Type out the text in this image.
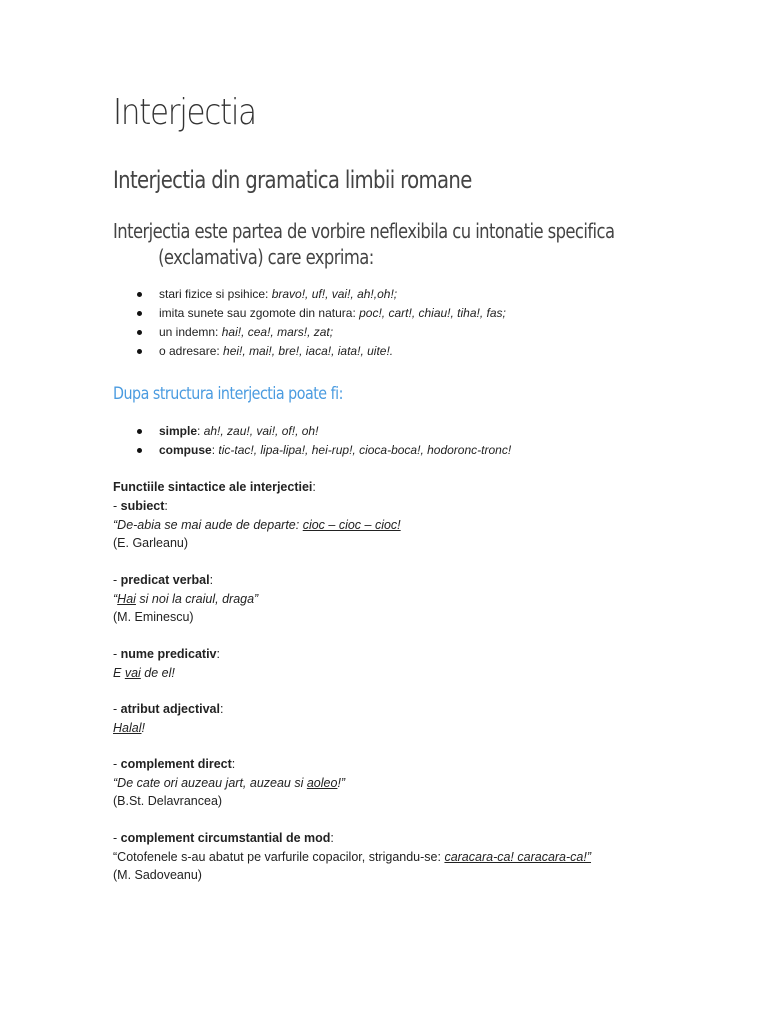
Interjectia
Interjectia din gramatica limbii romane
Interjectia este partea de vorbire neflexibila cu intonatie specifica
(exclamativa) care exprima:
stari fizice si psihice: bravo!, uf!, vai!, ah!,oh!;
imita sunete sau zgomote din natura: poc!, cart!, chiau!, tiha!, fas;
un indemn: hai!, cea!, mars!, zat;
o adresare: hei!, mai!, bre!, iaca!, iata!, uite!.
Dupa structura interjectia poate fi:
simple: ah!, zau!, vai!, of!, oh!
compuse: tic-tac!, lipa-lipa!, hei-rup!, cioca-boca!, hodoronc-tronc!
Functiile sintactice ale interjectiei:
- subiect:
“De-abia se mai aude de departe: cioc – cioc – cioc!
(E. Garleanu)
- predicat verbal:
“Hai si noi la craiul, draga”
(M. Eminescu)
- nume predicativ:
E vai de el!
- atribut adjectival:
Halal!
- complement direct:
“De cate ori auzeau jart, auzeau si aoleo!”
(B.St. Delavrancea)
- complement circumstantial de mod:
“Cotofenele s-au abatut pe varfurile copacilor, strigandu-se: caracara-ca! caracara-ca!”
(M. Sadoveanu)
